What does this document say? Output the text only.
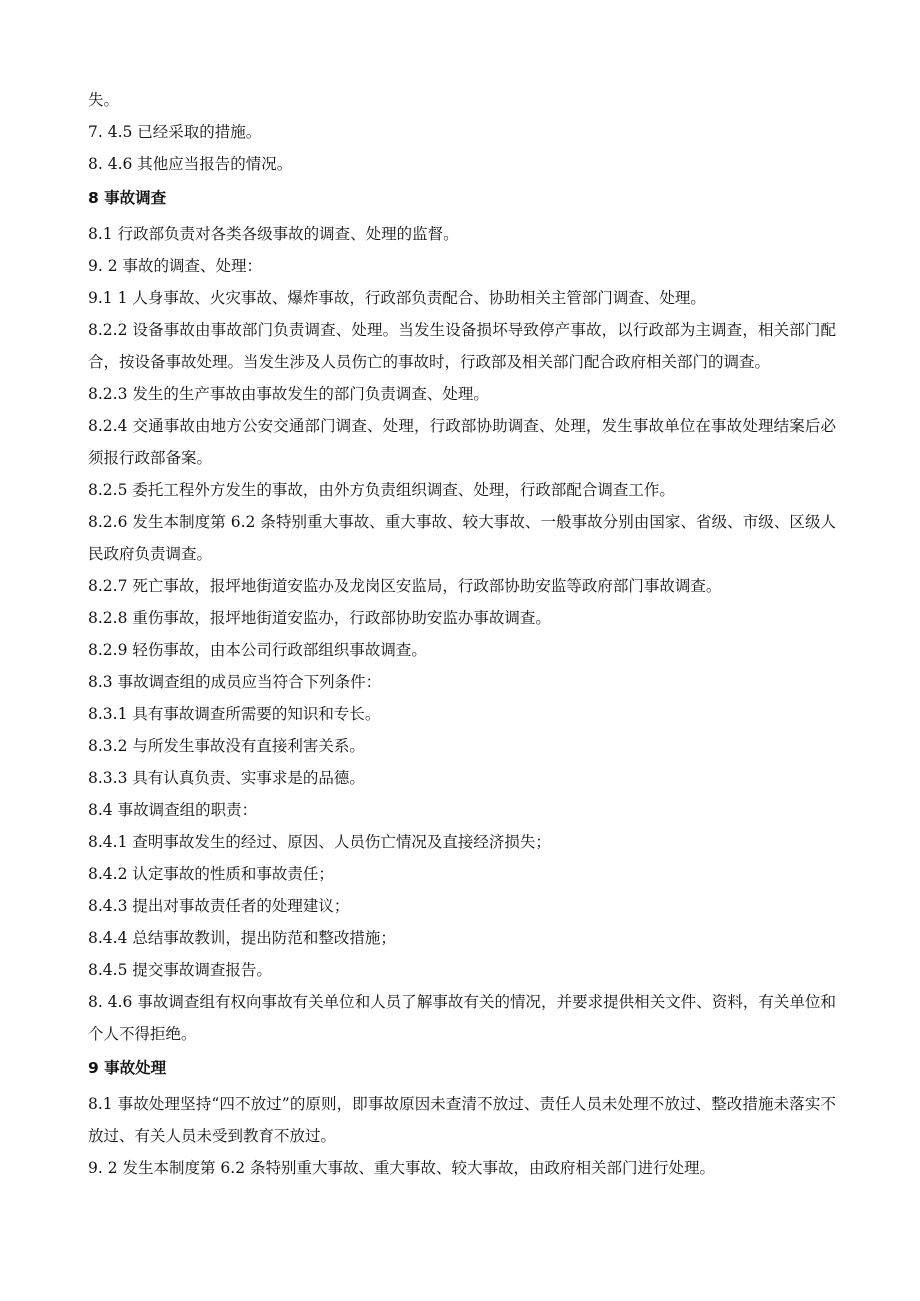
失。

7. 4.5 已经采取的措施。

8. 4.6 其他应当报告的情况。

8 事故调查

8.1 行政部负责对各类各级事故的调查、处理的监督。

9. 2 事故的调查、处理：

9.1 1 人身事故、火灾事故、爆炸事故，行政部负责配合、协助相关主管部门调查、处理。

8.2.2 设备事故由事故部门负责调查、处理。当发生设备损坏导致停产事故，以行政部为主调查，相关部门配合，按设备事故处理。当发生涉及人员伤亡的事故时，行政部及相关部门配合政府相关部门的调查。

8.2.3 发生的生产事故由事故发生的部门负责调查、处理。

8.2.4 交通事故由地方公安交通部门调查、处理，行政部协助调查、处理，发生事故单位在事故处理结案后必须报行政部备案。

8.2.5 委托工程外方发生的事故，由外方负责组织调查、处理，行政部配合调查工作。

8.2.6 发生本制度第 6.2 条特别重大事故、重大事故、较大事故、一般事故分别由国家、省级、市级、区级人民政府负责调查。

8.2.7 死亡事故，报坪地街道安监办及龙岗区安监局，行政部协助安监等政府部门事故调查。

8.2.8 重伤事故，报坪地街道安监办，行政部协助安监办事故调查。

8.2.9 轻伤事故，由本公司行政部组织事故调查。

8.3 事故调查组的成员应当符合下列条件：

8.3.1 具有事故调查所需要的知识和专长。

8.3.2 与所发生事故没有直接利害关系。

8.3.3 具有认真负责、实事求是的品德。

8.4 事故调查组的职责：

8.4.1 查明事故发生的经过、原因、人员伤亡情况及直接经济损失；

8.4.2 认定事故的性质和事故责任；

8.4.3 提出对事故责任者的处理建议；

8.4.4 总结事故教训，提出防范和整改措施；

8.4.5 提交事故调查报告。

8. 4.6 事故调查组有权向事故有关单位和人员了解事故有关的情况，并要求提供相关文件、资料，有关单位和个人不得拒绝。

9 事故处理

8.1 事故处理坚持“四不放过”的原则，即事故原因未查清不放过、责任人员未处理不放过、整改措施未落实不放过、有关人员未受到教育不放过。

9. 2 发生本制度第 6.2 条特别重大事故、重大事故、较大事故，由政府相关部门进行处理。
